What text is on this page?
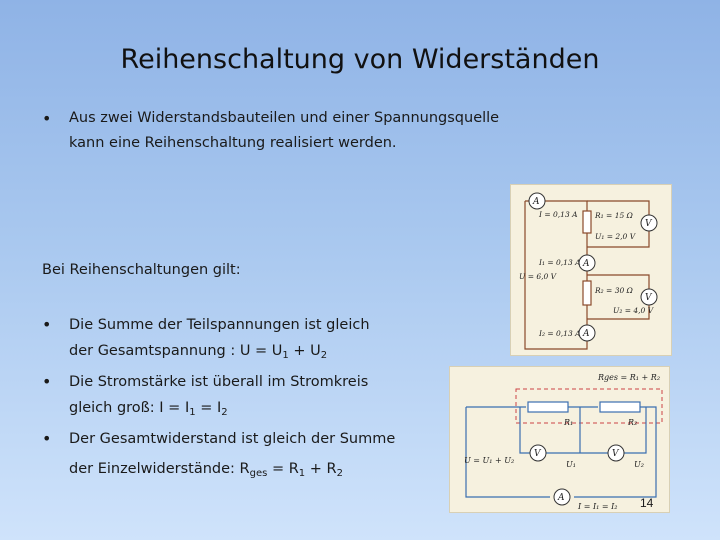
Reihenschaltung von Widerständen
•	Aus zwei Widerstandsbauteilen und einer Spannungsquelle
kann eine Reihenschaltung realisiert werden.
Bei Reihenschaltungen gilt:
•	Die Summe der Teilspannungen ist gleich
der Gesamtspannung : $U = U_1 + U_2$
•	Die Stromstärke ist überall im Stromkreis
gleich groß: $I = I_1 = I_2$
•	Der Gesamtwiderstand ist gleich der Summe
der Einzelwiderstände: $R_{ges} = R_1 + R_2$
A
V
A
V
A
I = 0,13 A R₁ = 15 Ω
U₁ = 2,0 V
I₁ = 0,13 A
U = 6,0 V
R₂ = 30 Ω
U₂ = 4,0 V
I₂ = 0,13 A
V	V
A
Rges = R₁ + R₂
R₁	R₂
U = U₁ + U₂	U₁	U₂
I = I₁ = I₂ 14
